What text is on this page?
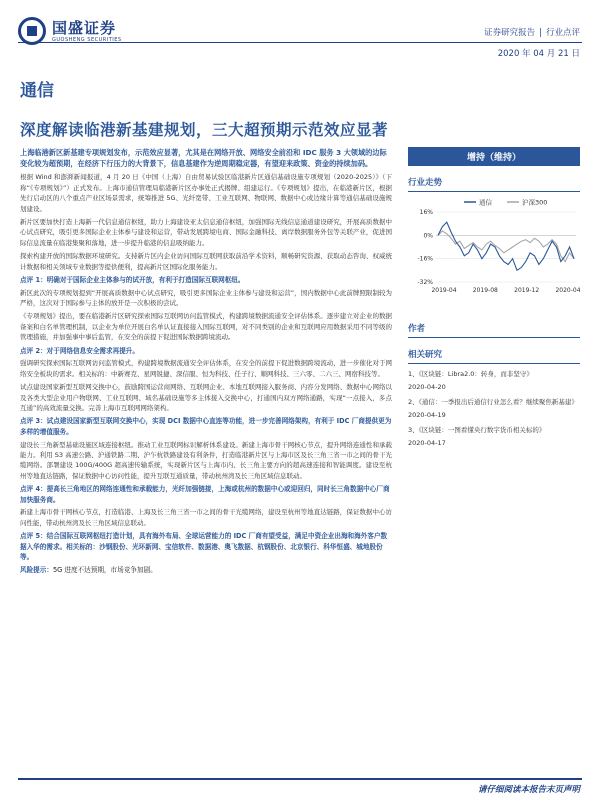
国盛证券
GUOSHENG SECURITIES
证券研究报告 | 行业点评
2020 年 04 月 21 日
通信
深度解读临港新基建规划，三大超预期示范效应显著
上海临港新区新基建专项规划发布，示范效应显著，尤其是在网络开放、网络安全前沿和 IDC 服务 3 大领域的边际变化较为超预期，在经济下行压力的大背景下，信息基建作为逆周期稳定器，有望迎来政策、资金的持续加码。
根据 Wind 和澎湃新闻报道，4 月 20 日《中国（上海）自由贸易试验区临港新片区通信基础设施专项规划（2020-2025）》（下称“《专项规划》”）正式发布。上海市通信管理局临港新片区办事处正式揭牌、组建运行。《专项规划》提出，在临港新片区，根据先行启动区的八个重点产业区场景需求，统筹推进 5G、光纤宽带、工业互联网、物联网、数据中心或边缘计算等通信基础设施规划建设。
新片区要加快打造上海新一代信息通信枢纽，助力上海建设亚太信息通信枢纽，加强国际无线信息通道建设研究，开展高质数据中心试点研究，吸引更多国际企业主体参与建设和运营，带动发展跨境电商、国际金融科技、离岸数据服务外包等关联产业，促进国际信息流量在临港集聚和落地，进一步提升临港的信息吸纳能力。
探索构建开放的国际数据环境研究。支持新片区内企业访问国际互联网获取前沿学术资料，顺畅研究资源、获取动态咨询、权威统计数据和相关领域专业数据等提供便利，提高新片区国际化服务能力。
点评 1：明确对于国际企业主体参与的试开放，有利于打造国际互联网枢纽。
新区此次的专项规划提到“开展高质数据中心试点研究，吸引更多国际企业主体参与建设和运营”，国内数据中心此前牌照限制较为严格，这次对于国际参与主体的放开是一次积极的尝试。
《专项规划》提出，要在临港新片区研究探索国际互联网访问监管模式，构建跨境数据流通安全评估体系。逐步建立对企业的数据备案和白名单管理机制，以企业为单位开展白名单认证直接接入国际互联网，对不同类别的企业和互联网应用数据采用不同等级的管理措施，并加强事中事后监管，在安全的前提下促进国际数据跨境流动。
点评 2：对于网络信息安全需求再提升。
强调研究探索国际互联网访问监管模式，构建跨境数据流通安全评估体系，在安全的前提下促进数据跨境流动，进一步催化对于网络安全板块的需求。相关标的：中新赛克、星网锐捷、深信服、恒为科技、任子行、顺网科技、三六零、二六三、网宿科技等。
试点建设国家新型互联网交换中心，鼓励跨国运营商网络、互联网企业、本地互联网接入服务商、内容分发网络、数据中心网络以及各类大型企业用户物联网、工业互联网、域名基础设施等多主体接入交换中心，打通国内双方网络通路，实现“一点接入，多点互通”的高效流量交换。完善上海市互联网网络架构。
点评 3：试点建设国家新型互联网交换中心，实现 DCI 数据中心直连等功能，进一步完善网络架构，有利于 IDC 厂商提供更为多样的增值服务。
建设长三角新型基础设施区域连接枢纽。推动工业互联网标识解析体系建设。新建上海市骨干网核心节点，提升网络连通性和承载能力。利用 S3 高速公路、沪通铁路二期、沪乍杭铁路建设有利条件，打造临港新片区与上海市区及长三角三省一市之间的骨干光缆网络。部署建设 100G/400G 超高速传输系统，实现新片区与上海市内、长三角主要方向的超高速连接和智能调度。建设至杭州等地直达链路，保证数据中心访问性能，提升互联互通质量，带动杭州湾及长三角区域信息联动。
点评 4：提高长三角地区的网络连通性和承载能力，光纤加强链接，上海或杭州的数据中心或迎回归，同时长三角数据中心厂商加快服务商。
新建上海市骨干网核心节点，打造临港、上海及长三角三省一市之间的骨干光缆网络，建设至杭州等地直达链路，保证数据中心访问性能，带动杭州湾及长三角区域信息联动。
点评 5：结合国际互联网枢纽打造计划，具有海外布局、全球运营能力的 IDC 厂商有望受益，满足中资企业出海和海外客户数据入华的需求。相关标的：沙钢股份、光环新网、宝信软件、数据港、奥飞数据、杭钢股份、北京银行、科华恒盛、城地股份等。
风险提示：5G 进度不达预期，市场竞争加剧。
增持（维持）
行业走势
通信	沪深300
16%
0%
-16%
-32%
2019-04	2019-08	2019-12	2020-04
作者
相关研究
1、《区块链：Libra2.0：转身，而非坚守》
2020-04-20
2、《通信：一季报出后通信行业怎么看？继续聚焦新基建》
2020-04-19
3、《区块链：一图看懂央行数字货币相关标的》
2020-04-17
请仔细阅读本报告末页声明
